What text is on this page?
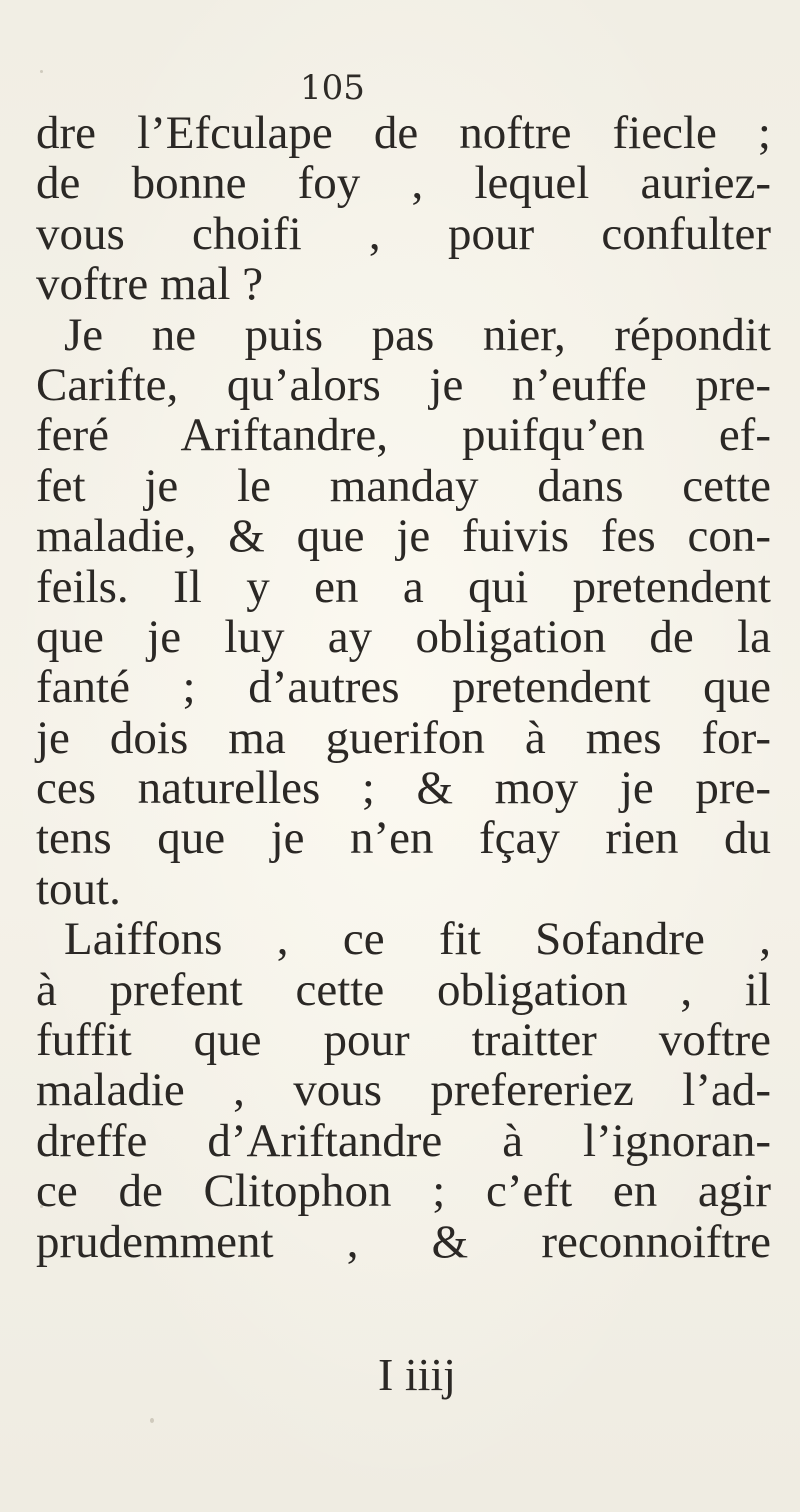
105
dre l’Efculape de noftre fiecle ;
de bonne foy , lequel auriez-
vous choifi , pour confulter
voftre mal ?
Je ne puis pas nier, répondit
Carifte, qu’alors je n’euffe pre-
feré Ariftandre, puifqu’en ef-
fet je le manday dans cette
maladie, & que je fuivis fes con-
feils. Il y en a qui pretendent
que je luy ay obligation de la
fanté ; d’autres pretendent que
je dois ma guerifon à mes for-
ces naturelles ; & moy je pre-
tens que je n’en fçay rien du
tout.
Laiffons , ce fit Sofandre ,
à prefent cette obligation , il
fuffit que pour traitter voftre
maladie , vous prefereriez l’ad-
dreffe d’Ariftandre à l’ignoran-
ce de Clitophon ; c’eft en agir
prudemment , & reconnoiftre
I iiij
